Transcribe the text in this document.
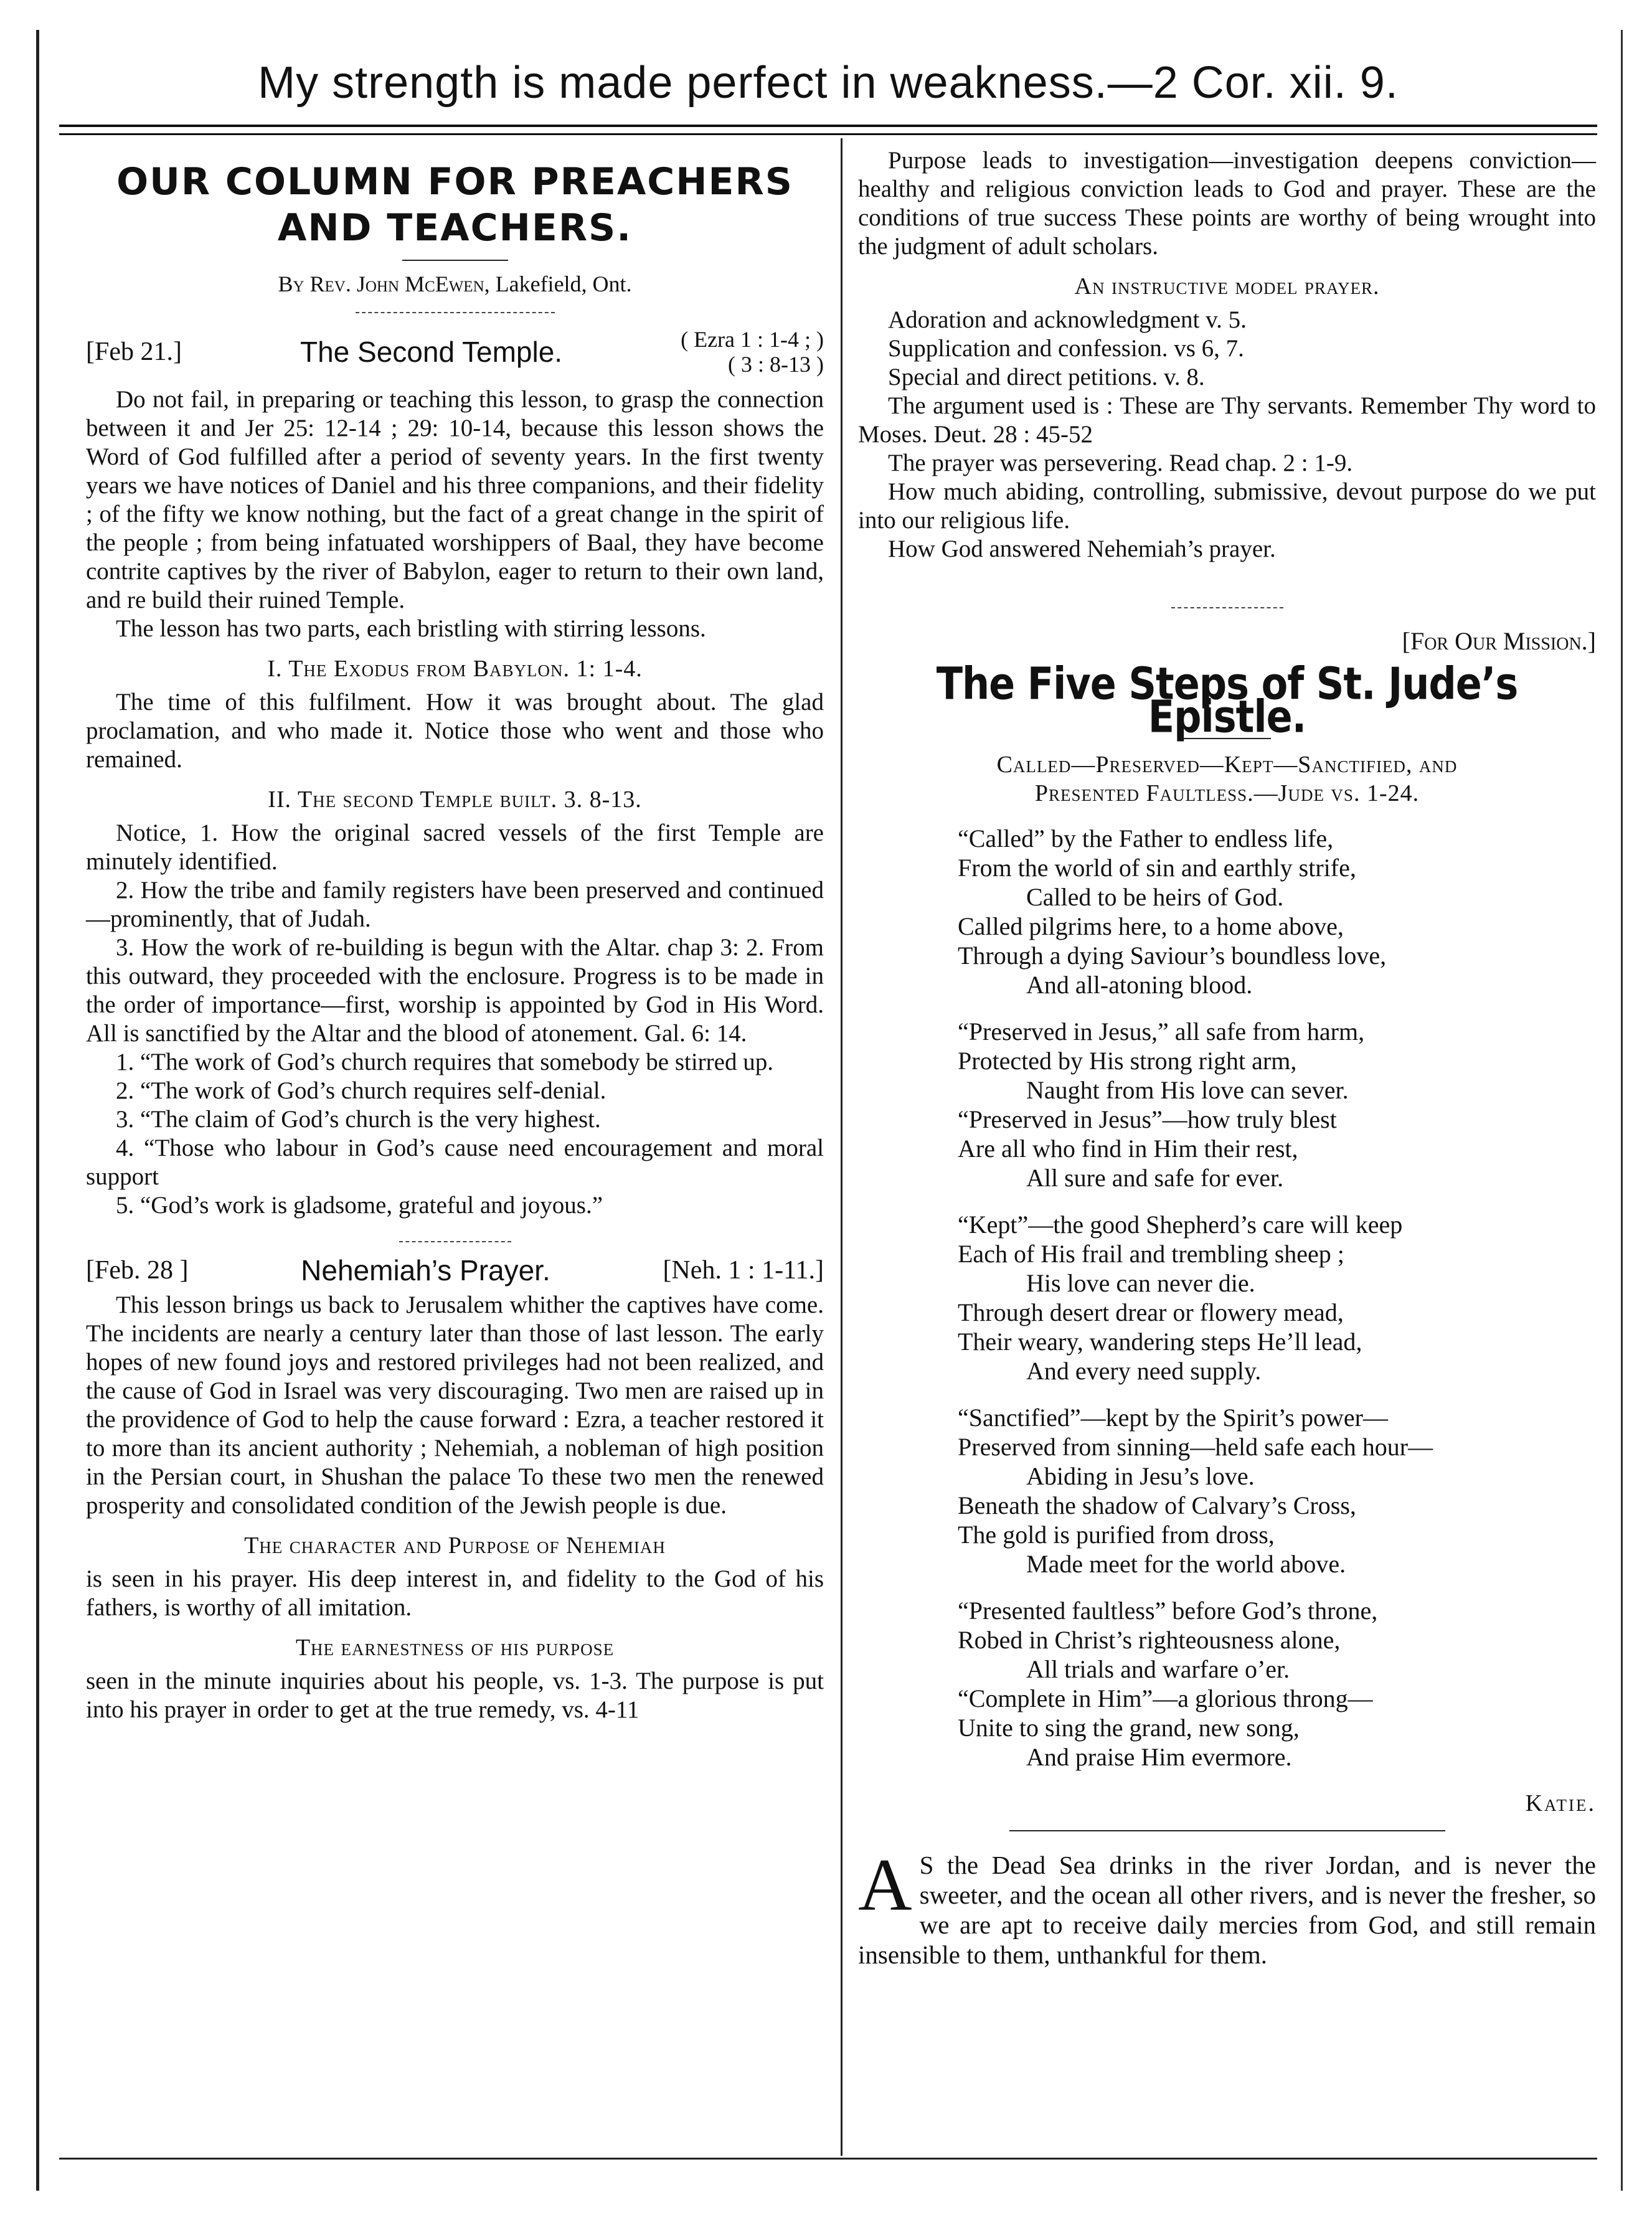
My strength is made perfect in weakness.—2 Cor. xii. 9.
OUR COLUMN FOR PREACHERS
AND TEACHERS.
By Rev. John McEwen, Lakefield, Ont.
[Feb 21.]	The Second Temple.	( Ezra 1 : 1-4 ; )
( 3 : 8-13 )

Do not fail, in preparing or teaching this lesson, to grasp the connection between it and Jer 25: 12-14 ; 29: 10-14, because this lesson shows the Word of God fulfilled after a period of seventy years. In the first twenty years we have notices of Daniel and his three companions, and their fidelity ; of the fifty we know nothing, but the fact of a great change in the spirit of the people ; from being infatuated worshippers of Baal, they have become contrite captives by the river of Babylon, eager to return to their own land, and re build their ruined Temple.

The lesson has two parts, each bristling with stirring lessons.

I. The Exodus from Babylon. 1: 1-4.

The time of this fulfilment. How it was brought about. The glad proclamation, and who made it. Notice those who went and those who remained.

II. The second Temple built. 3. 8-13.

Notice, 1. How the original sacred vessels of the first Temple are minutely identified.

2. How the tribe and family registers have been preserved and continued—prominently, that of Judah.

3. How the work of re-building is begun with the Altar. chap 3: 2. From this outward, they proceeded with the enclosure. Progress is to be made in the order of importance—first, worship is appointed by God in His Word. All is sanctified by the Altar and the blood of atonement. Gal. 6: 14.

1. “The work of God’s church requires that somebody be stirred up.

2. “The work of God’s church requires self-denial.

3. “The claim of God’s church is the very highest.

4. “Those who labour in God’s cause need encouragement and moral support

5. “God’s work is gladsome, grateful and joyous.”

[Feb. 28 ]	Nehemiah’s Prayer.	[Neh. 1 : 1-11.]

This lesson brings us back to Jerusalem whither the captives have come. The incidents are nearly a century later than those of last lesson. The early hopes of new found joys and restored privileges had not been realized, and the cause of God in Israel was very discouraging. Two men are raised up in the providence of God to help the cause forward : Ezra, a teacher restored it to more than its ancient authority ; Nehemiah, a nobleman of high position in the Persian court, in Shushan the palace To these two men the renewed prosperity and consolidated condition of the Jewish people is due.

The character and Purpose of Nehemiah

is seen in his prayer. His deep interest in, and fidelity to the God of his fathers, is worthy of all imitation.

The earnestness of his purpose

seen in the minute inquiries about his people, vs. 1-3. The purpose is put into his prayer in order to get at the true remedy, vs. 4-11

Purpose leads to investigation—investigation deepens conviction—healthy and religious conviction leads to God and prayer. These are the conditions of true success These points are worthy of being wrought into the judgment of adult scholars.

An instructive model prayer.

Adoration and acknowledgment v. 5.

Supplication and confession. vs 6, 7.

Special and direct petitions. v. 8.

The argument used is : These are Thy servants. Remember Thy word to Moses. Deut. 28 : 45-52

The prayer was persevering. Read chap. 2 : 1-9.

How much abiding, controlling, submissive, devout purpose do we put into our religious life.

How God answered Nehemiah’s prayer.

[For Our Mission.]
The Five Steps of St. Jude’s Epistle.
Called—Preserved—Kept—Sanctified, and
Presented Faultless.—Jude vs. 1-24.
“Called” by the Father to endless life,
From the world of sin and earthly strife,
Called to be heirs of God.
Called pilgrims here, to a home above,
Through a dying Saviour’s boundless love,
And all-atoning blood.
“Preserved in Jesus,” all safe from harm,
Protected by His strong right arm,
Naught from His love can sever.
“Preserved in Jesus”—how truly blest
Are all who find in Him their rest,
All sure and safe for ever.
“Kept”—the good Shepherd’s care will keep
Each of His frail and trembling sheep ;
His love can never die.
Through desert drear or flowery mead,
Their weary, wandering steps He’ll lead,
And every need supply.
“Sanctified”—kept by the Spirit’s power—
Preserved from sinning—held safe each hour—
Abiding in Jesu’s love.
Beneath the shadow of Calvary’s Cross,
The gold is purified from dross,
Made meet for the world above.
“Presented faultless” before God’s throne,
Robed in Christ’s righteousness alone,
All trials and warfare o’er.
“Complete in Him”—a glorious throng—
Unite to sing the grand, new song,
And praise Him evermore.
Katie.

A S the Dead Sea drinks in the river Jordan, and is never the sweeter, and the ocean all other rivers, and is never the fresher, so we are apt to receive daily mercies from God, and still remain insensible to them, unthankful for them.
